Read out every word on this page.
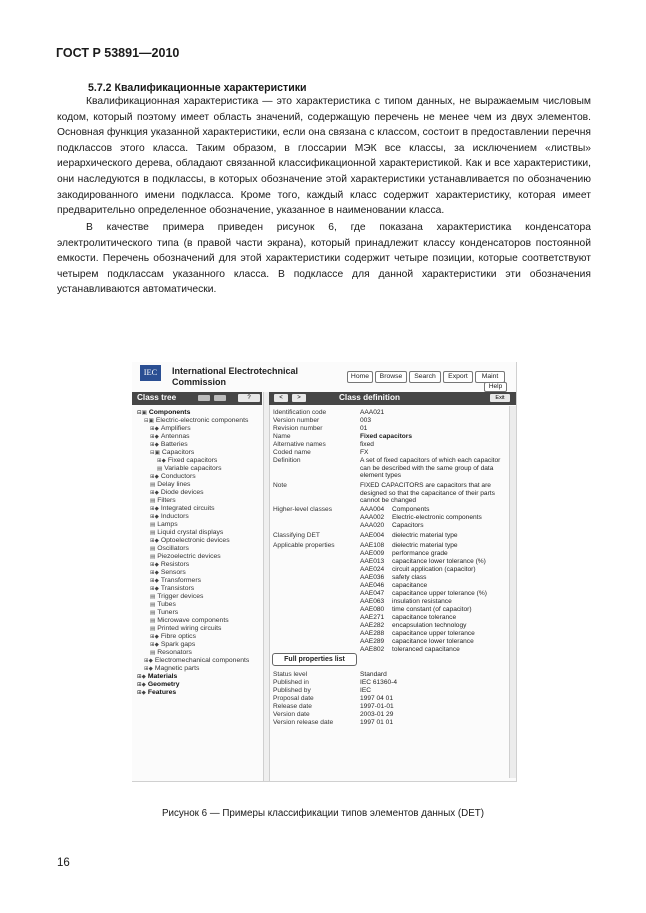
ГОСТ Р 53891—2010
5.7.2 Квалификационные характеристики

Квалификационная характеристика — это характеристика с типом данных, не выражаемым числовым кодом, который поэтому имеет область значений, содержащую перечень не менее чем из двух элементов. Основная функция указанной характеристики, если она связана с классом, состоит в предоставлении перечня подклассов этого класса. Таким образом, в глоссарии МЭК все классы, за исключением «листвы» иерархического дерева, обладают связанной классификационной характеристикой. Как и все характеристики, они наследуются в подклассы, в которых обозначение этой характеристики устанавливается по обозначению закодированного имени подкласса. Кроме того, каждый класс содержит характеристику, которая имеет предварительно определенное обозначение, указанное в наименовании класса.

В качестве примера приведен рисунок 6, где показана характеристика конденсатора электролитического типа (в правой части экрана), который принадлежит классу конденсаторов постоянной емкости. Перечень обозначений для этой характеристики содержит четыре позиции, которые соответствуют четырем подклассам указанного класса. В подклассе для данной характеристики эти обозначения устанавливаются автоматически.

IEC	International Electrotechnical
Commission	Home	Browse	Search	Export	Maint
Help
Class tree	?	<	>	Class definition	Exit
⊟▣ Components
⊟▣ Electric-electronic components
⊞◆ Amplifiers
⊞◆ Antennas
⊞◆ Batteries
⊟▣ Capacitors
⊞◆ Fixed capacitors
▤ Variable capacitors
⊞◆ Conductors
▤ Delay lines
⊞◆ Diode devices
▤ Filters
⊞◆ Integrated circuits
⊞◆ Inductors
▤ Lamps
▤ Liquid crystal displays
⊞◆ Optoelectronic devices
▤ Oscillators
▤ Piezoelectric devices
⊞◆ Resistors
⊞◆ Sensors
⊞◆ Transformers
⊞◆ Transistors
▤ Trigger devices
▤ Tubes
▤ Tuners
▤ Microwave components
▤ Printed wiring circuits
⊞◆ Fibre optics
⊞◆ Spark gaps
▤ Resonators
⊞◆ Electromechanical components
⊞◆ Magnetic parts
⊞◆ Materials
⊞◆ Geometry
⊞◆ Features
Identification code	AAA021
Version number	003
Revision number	01
Name	Fixed capacitors
Alternative names	fixed
Coded name	FX
Definition	A set of fixed capacitors of which each capacitor can be described with the same group of data element types
Note	FIXED CAPACITORS are capacitors that are designed so that the capacitance of their parts cannot be changed
Higher-level classes	AAA004 Components
AAA002 Electric-electronic components
AAA020 Capacitors
Classifying DET	AAE004 dielectric material type
Applicable properties	AAE108 dielectric material type
AAE009 performance grade
AAE013 capacitance lower tolerance (%)
AAE024 circuit application (capacitor)
AAE036 safety class
AAE046 capacitance
AAE047 capacitance upper tolerance (%)
AAE063 insulation resistance
AAE080 time constant (of capacitor)
AAE271 capacitance tolerance
AAE282 encapsulation technology
AAE288 capacitance upper tolerance
AAE289 capacitance lower tolerance
AAE802 toleranced capacitance
Full properties list
Status level	Standard
Published in	IEC 61360-4
Published by	IEC
Proposal date	1997 04 01
Release date	1997-01-01
Version date	2003-01 29
Version release date	1997 01 01
Рисунок 6 — Примеры классификации типов элементов данных (DET)
16
